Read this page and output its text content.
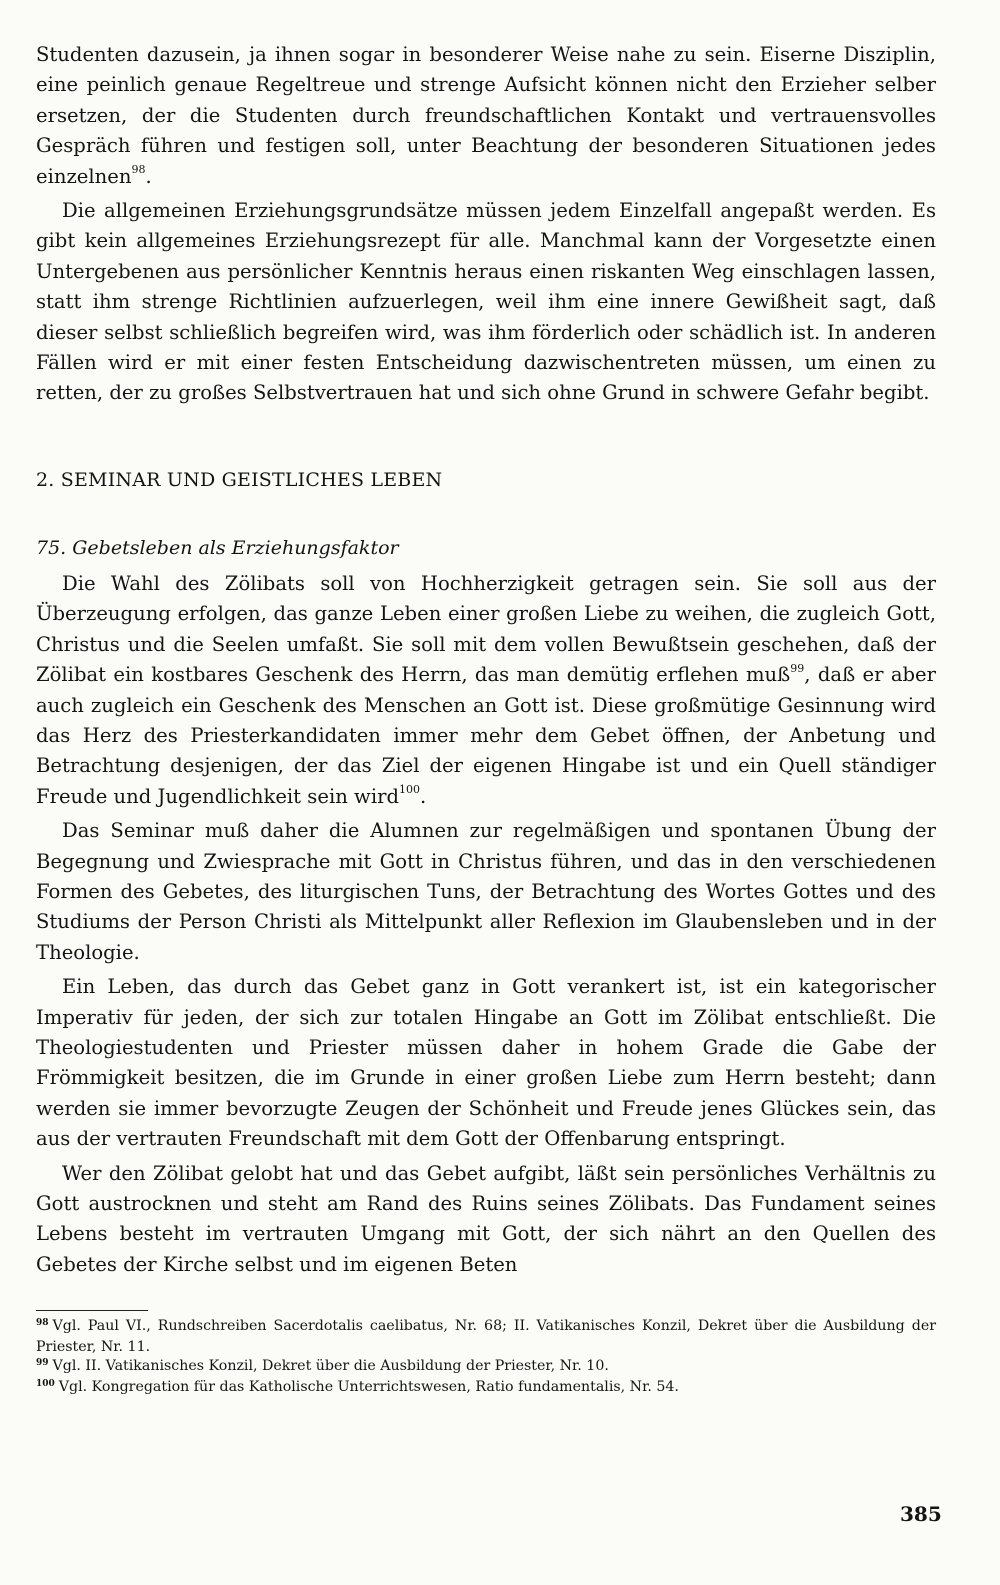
Studenten dazusein, ja ihnen sogar in besonderer Weise nahe zu sein. Eiserne Disziplin, eine peinlich genaue Regeltreue und strenge Aufsicht können nicht den Erzieher selber ersetzen, der die Studenten durch freundschaftlichen Kontakt und vertrauensvolles Gespräch führen und festigen soll, unter Beachtung der besonderen Situationen jedes einzelnen$^{98}$.

Die allgemeinen Erziehungsgrundsätze müssen jedem Einzelfall angepaßt werden. Es gibt kein allgemeines Erziehungsrezept für alle. Manchmal kann der Vorgesetzte einen Untergebenen aus persönlicher Kenntnis heraus einen riskanten Weg einschlagen lassen, statt ihm strenge Richtlinien aufzuerlegen, weil ihm eine innere Gewißheit sagt, daß dieser selbst schließlich begreifen wird, was ihm förderlich oder schädlich ist. In anderen Fällen wird er mit einer festen Entscheidung dazwischentreten müssen, um einen zu retten, der zu großes Selbstvertrauen hat und sich ohne Grund in schwere Gefahr begibt.

2. SEMINAR UND GEISTLICHES LEBEN
75. Gebetsleben als Erziehungsfaktor

Die Wahl des Zölibats soll von Hochherzigkeit getragen sein. Sie soll aus der Überzeugung erfolgen, das ganze Leben einer großen Liebe zu weihen, die zugleich Gott, Christus und die Seelen umfaßt. Sie soll mit dem vollen Bewußtsein geschehen, daß der Zölibat ein kostbares Geschenk des Herrn, das man demütig erflehen muß$^{99}$, daß er aber auch zugleich ein Geschenk des Menschen an Gott ist. Diese großmütige Gesinnung wird das Herz des Priesterkandidaten immer mehr dem Gebet öffnen, der Anbetung und Betrachtung desjenigen, der das Ziel der eigenen Hingabe ist und ein Quell ständiger Freude und Jugendlichkeit sein wird$^{100}$.

Das Seminar muß daher die Alumnen zur regelmäßigen und spontanen Übung der Begegnung und Zwiesprache mit Gott in Christus führen, und das in den verschiedenen Formen des Gebetes, des liturgischen Tuns, der Betrachtung des Wortes Gottes und des Studiums der Person Christi als Mittelpunkt aller Reflexion im Glaubensleben und in der Theologie.

Ein Leben, das durch das Gebet ganz in Gott verankert ist, ist ein kategorischer Imperativ für jeden, der sich zur totalen Hingabe an Gott im Zölibat entschließt. Die Theologiestudenten und Priester müssen daher in hohem Grade die Gabe der Frömmigkeit besitzen, die im Grunde in einer großen Liebe zum Herrn besteht; dann werden sie immer bevorzugte Zeugen der Schönheit und Freude jenes Glückes sein, das aus der vertrauten Freundschaft mit dem Gott der Offenbarung entspringt.

Wer den Zölibat gelobt hat und das Gebet aufgibt, läßt sein persönliches Verhältnis zu Gott austrocknen und steht am Rand des Ruins seines Zölibats. Das Fundament seines Lebens besteht im vertrauten Umgang mit Gott, der sich nährt an den Quellen des Gebetes der Kirche selbst und im eigenen Beten

$^{98}$ Vgl. Paul VI., Rundschreiben Sacerdotalis caelibatus, Nr. 68; II. Vatikanisches Konzil, Dekret über die Ausbildung der Priester, Nr. 11.

$^{99}$ Vgl. II. Vatikanisches Konzil, Dekret über die Ausbildung der Priester, Nr. 10.

$^{100}$ Vgl. Kongregation für das Katholische Unterrichtswesen, Ratio fundamentalis, Nr. 54.

385
